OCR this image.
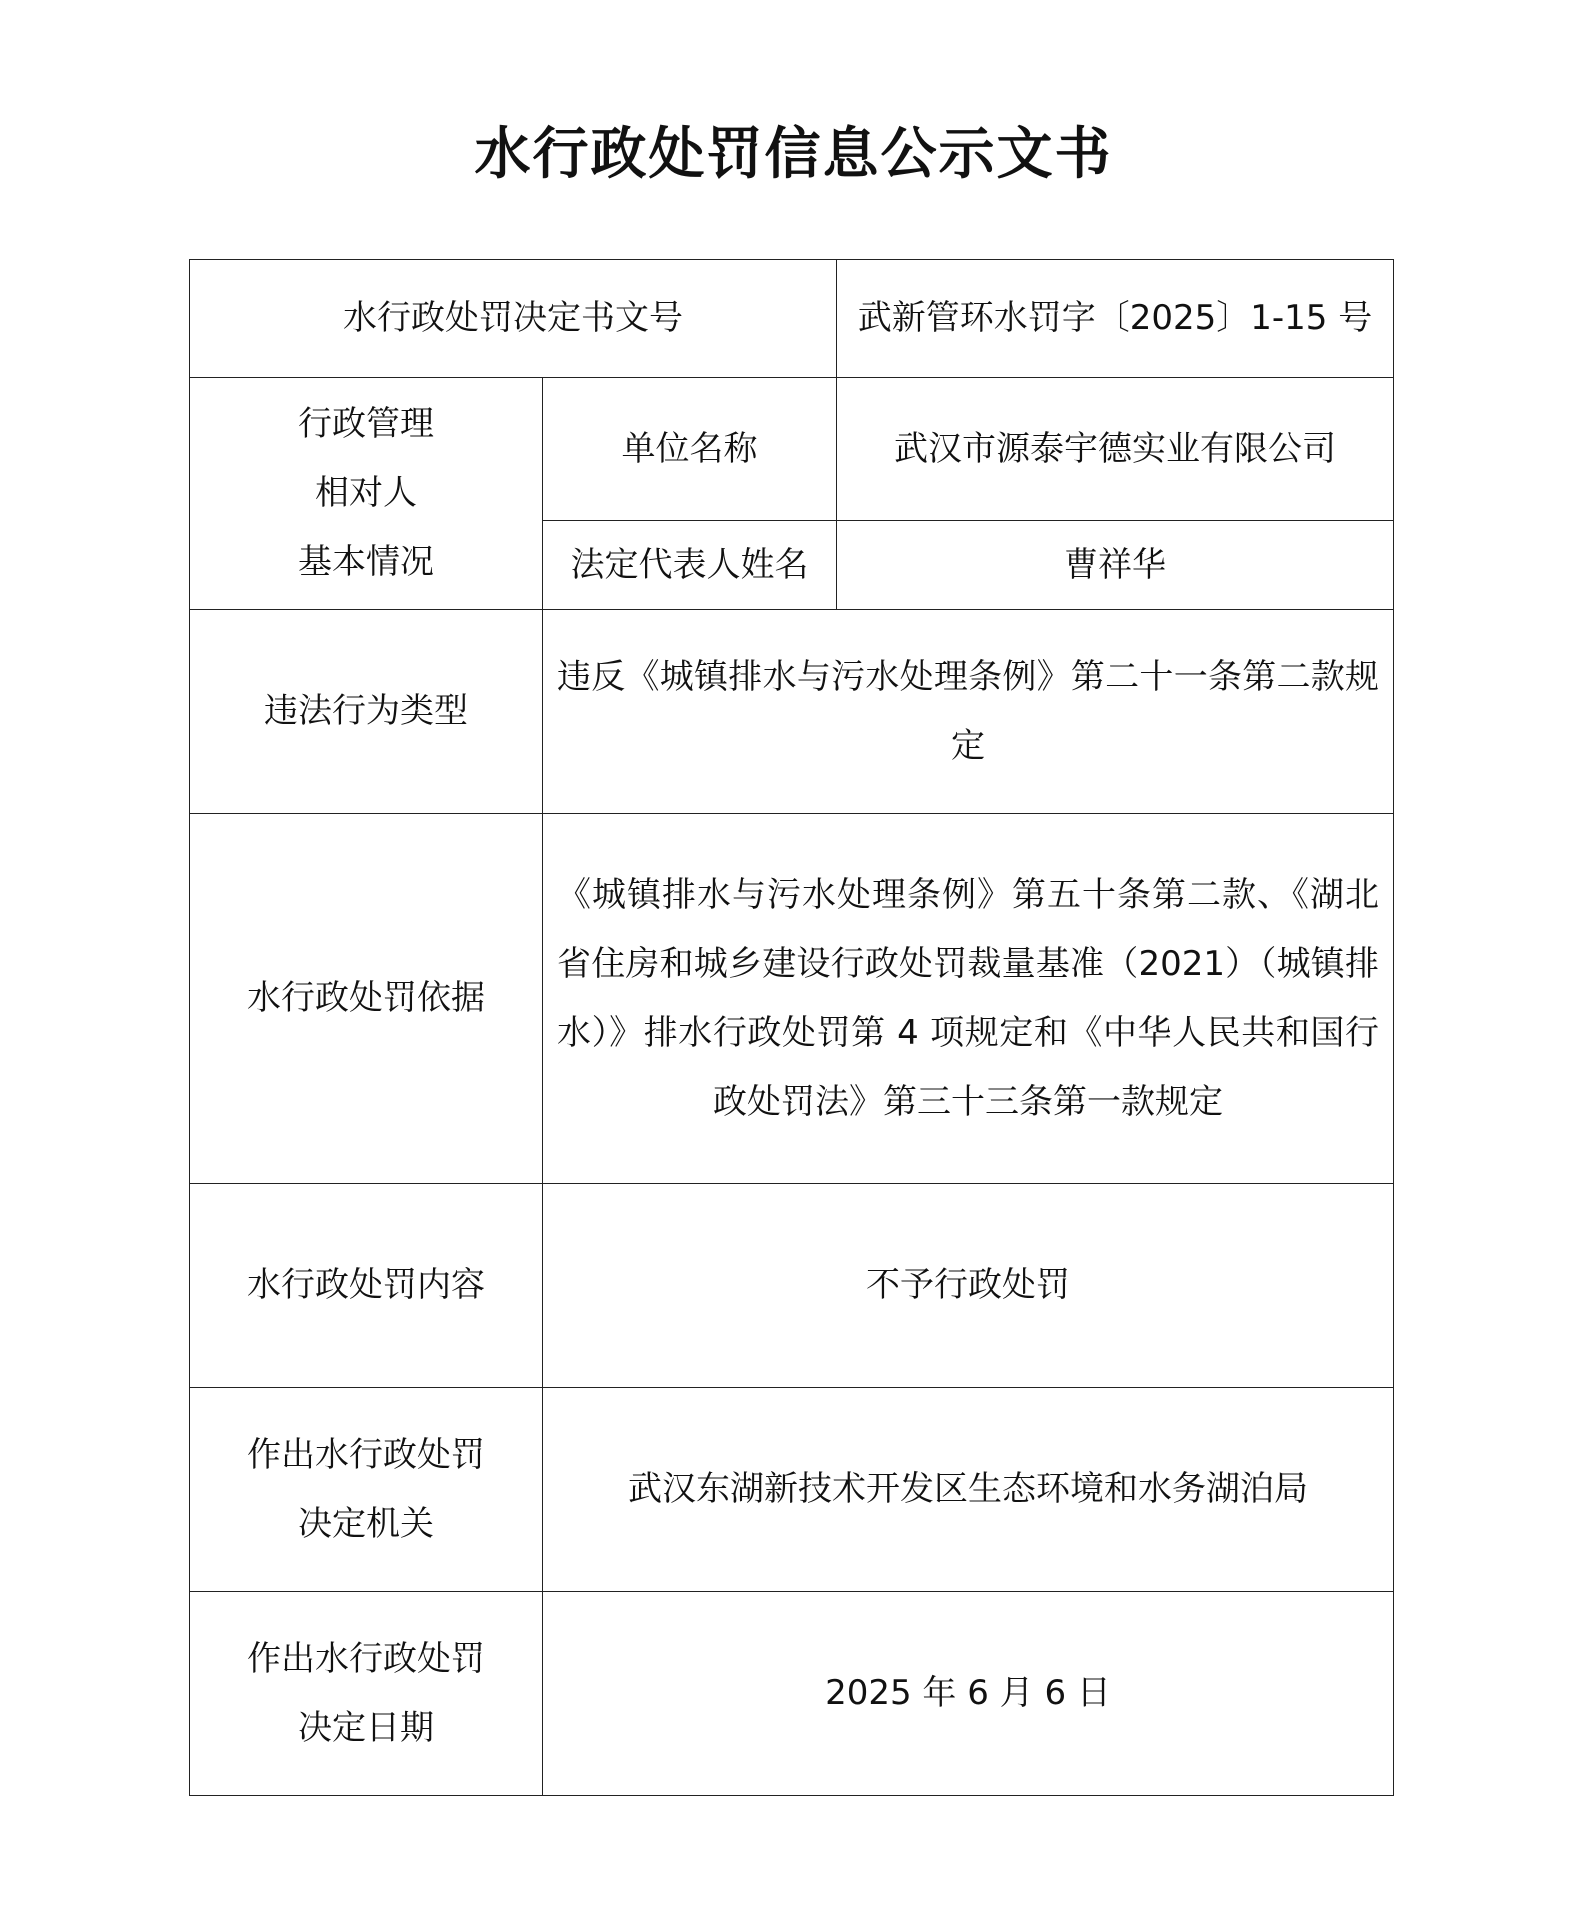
水行政处罚信息公示文书
水行政处罚决定书文号		武新管环水罚字〔2025〕1-15 号

行政管理
相对人
基本情况	单位名称	武汉市源泰宇德实业有限公司
	法定代表人姓名	曹祥华
违法行为类型	违反《城镇排水与污水处理条例》第二十一条第二款规定	

水行政处罚依据	《城镇排水与污水处理条例》第五十条第二款、《湖北省住房和城乡建设行政处罚裁量基准（2021）（城镇排水）》排水行政处罚第 4 项规定和《中华人民共和国行政处罚法》第三十三条第一款规定	

水行政处罚内容	不予行政处罚	

作出水行政处罚
决定机关	武汉东湖新技术开发区生态环境和水务湖泊局	

作出水行政处罚
决定日期	2025 年 6 月 6 日	
